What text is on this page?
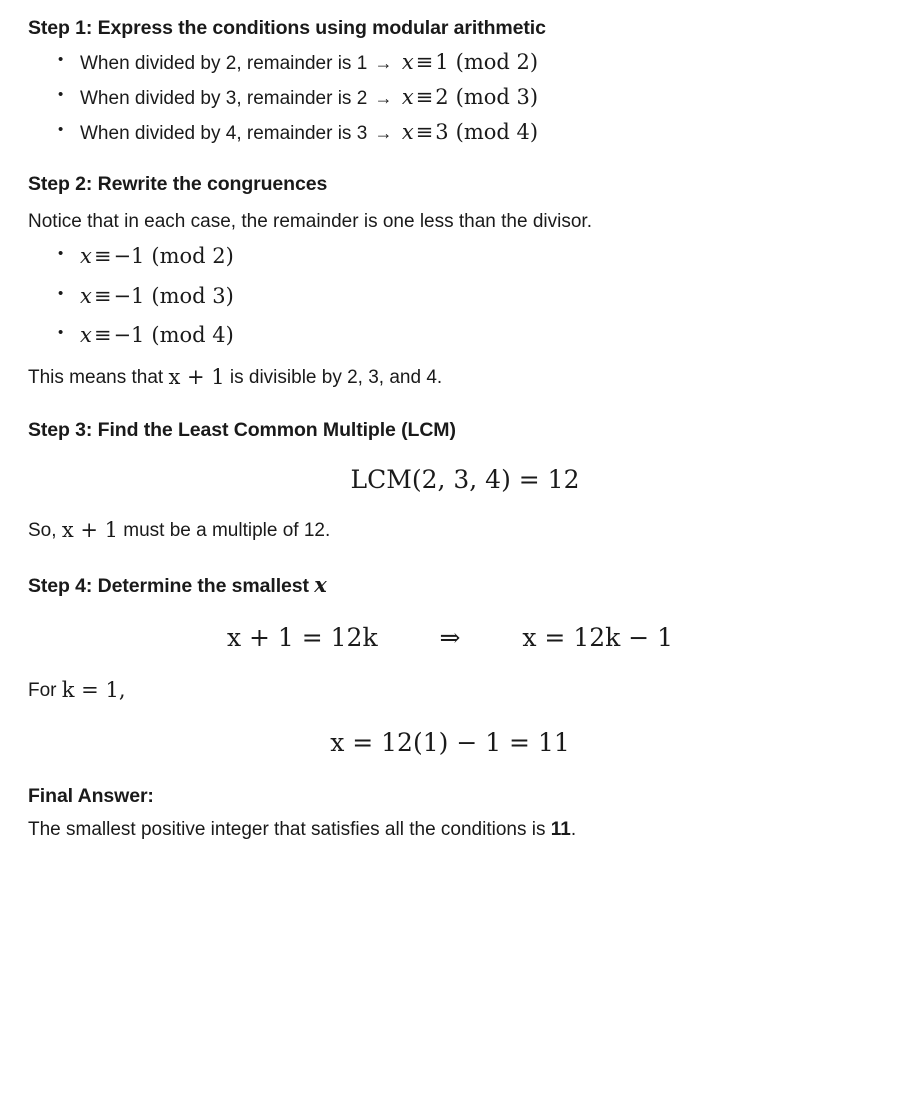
Step 1: Express the conditions using modular arithmetic
• When divided by 2, remainder is 1 → x≡1 (mod 2)
• When divided by 3, remainder is 2 → x≡2 (mod 3)
• When divided by 4, remainder is 3 → x≡3 (mod 4)
Step 2: Rewrite the congruences

Notice that in each case, the remainder is one less than the divisor.

• x≡−1 (mod 2)
• x≡−1 (mod 3)
• x≡−1 (mod 4)

This means that x + 1 is divisible by 2, 3, and 4.

Step 3: Find the Least Common Multiple (LCM)
LCM(2, 3, 4) = 12

So, x + 1 must be a multiple of 12.

Step 4: Determine the smallest x
x + 1 = 12k ⇒ x = 12k − 1

For k = 1,

x = 12(1) − 1 = 11
Final Answer:

The smallest positive integer that satisfies all the conditions is 11.
